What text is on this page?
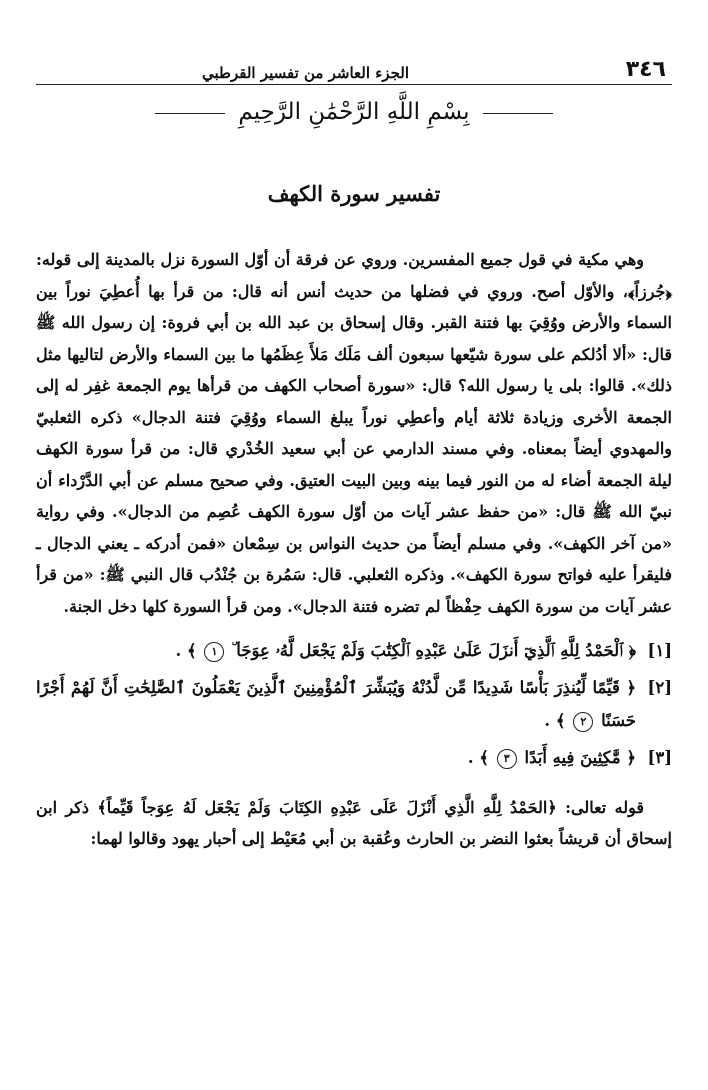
٣٤٦
الجزء العاشر من تفسير القرطبي
بِسْمِ اللَّهِ الرَّحْمَٰنِ الرَّحِيمِ
تفسير سورة الكهف

وهي مكية في قول جميع المفسرين. وروي عن فرقة أن أوّل السورة نزل بالمدينة إلى قوله: ﴿جُرزاً﴾، والأوّل أصح. وروي في فضلها من حديث أنس أنه قال: من قرأ بها أُعطِيَ نوراً بين السماء والأرض ووُقِيَ بها فتنة القبر. وقال إسحاق بن عبد الله بن أبي فروة: إن رسول الله ﷺ قال: «ألا أدُلكم على سورة شيّعها سبعون ألف مَلَك مَلأَ عِظَمُها ما بين السماء والأرض لتاليها مثل ذلك». قالوا: بلى يا رسول الله؟ قال: «سورة أصحاب الكهف من قرأها يوم الجمعة غفِر له إلى الجمعة الأخرى وزيادة ثلاثة أيام وأعطِي نوراً يبلغ السماء ووُقِيَ فتنة الدجال» ذكره الثعلبيّ والمهدوي أيضاً بمعناه. وفي مسند الدارمي عن أبي سعيد الخُدْري قال: من قرأ سورة الكهف ليلة الجمعة أضاء له من النور فيما بينه وبين البيت العتيق. وفي صحيح مسلم عن أبي الدَّرْداء أن نبيّ الله ﷺ قال: «من حفظ عشر آيات من أوّل سورة الكهف عُصِم من الدجال». وفي رواية «من آخر الكهف». وفي مسلم أيضاً من حديث النواس بن سِمْعان «فمن أدركه ـ يعني الدجال ـ فليقرأ عليه فواتح سورة الكهف». وذكره الثعلبي. قال: سَمُرة بن جُنْدُب قال النبي ﷺ: «من قرأ عشر آيات من سورة الكهف حِفْظاً لم تضره فتنة الدجال». ومن قرأ السورة كلها دخل الجنة.

[١]
﴿ ٱلْحَمْدُ لِلَّهِ ٱلَّذِيٓ أَنزَلَ عَلَىٰ عَبْدِهِ ٱلْكِتَٰبَ وَلَمْ يَجْعَل لَّهُۥ عِوَجَا ۜ ١ ﴾ .
[٢]
﴿ قَيِّمًا لِّيُنذِرَ بَأْسًا شَدِيدًا مِّن لَّدُنْهُ وَيُبَشِّرَ ٱلْمُؤْمِنِينَ ٱلَّذِينَ يَعْمَلُونَ ٱلصَّٰلِحَٰتِ أَنَّ لَهُمْ أَجْرًا حَسَنًا ٢ ﴾ .
[٣]
﴿ مَّٰكِثِينَ فِيهِ أَبَدًا ٣ ﴾ .

قوله تعالى: ﴿الحَمْدُ لِلَّهِ الَّذِي أَنْزَلَ عَلَى عَبْدِهِ الكِتَابَ وَلَمْ يَجْعَل لَهُ عِوَجاً قَيِّماً﴾ ذكر ابن إسحاق أن قريشاً بعثوا النضر بن الحارث وعُقبة بن أبي مُعَيْط إلى أحبار يهود وقالوا لهما:
